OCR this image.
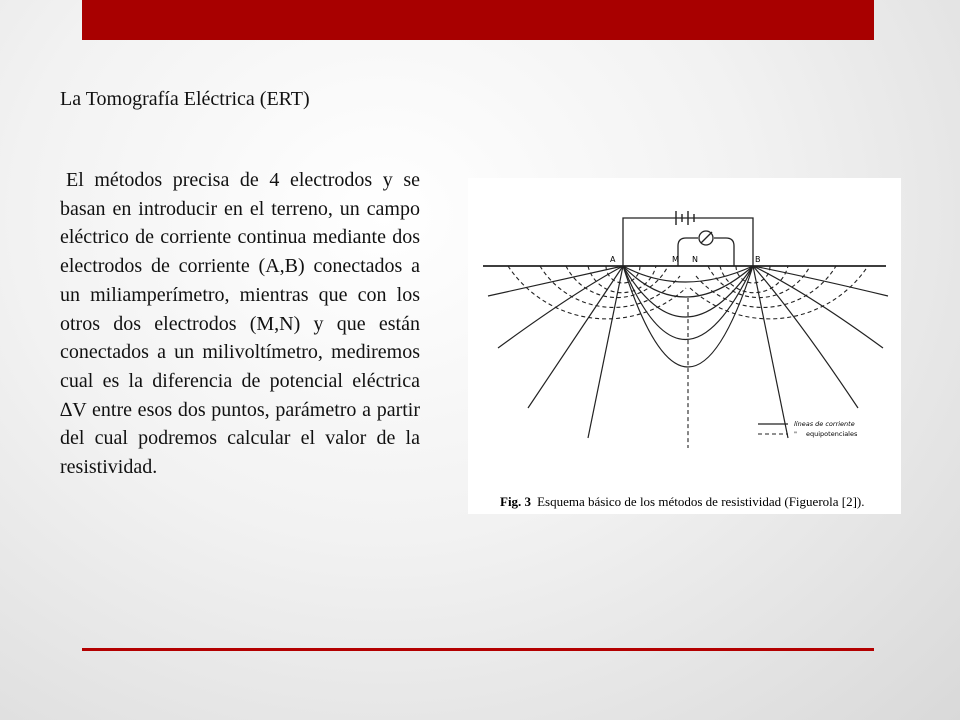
La Tomografía Eléctrica (ERT)
El métodos precisa de 4 electrodos y se basan en introducir en el terreno, un campo eléctrico de corriente continua mediante dos electrodos de corriente (A,B) conectados a un miliamperímetro, mientras que con los otros dos electrodos (M,N) y que están conectados a un milivoltímetro, mediremos cual es la diferencia de potencial eléctrica ∆V entre esos dos puntos, parámetro a partir del cual podremos calcular el valor de la resistividad.
A	M N	B
líneas de corriente
" equipotenciales
Fig. 3 Esquema básico de los métodos de resistividad (Figuerola [2]).
